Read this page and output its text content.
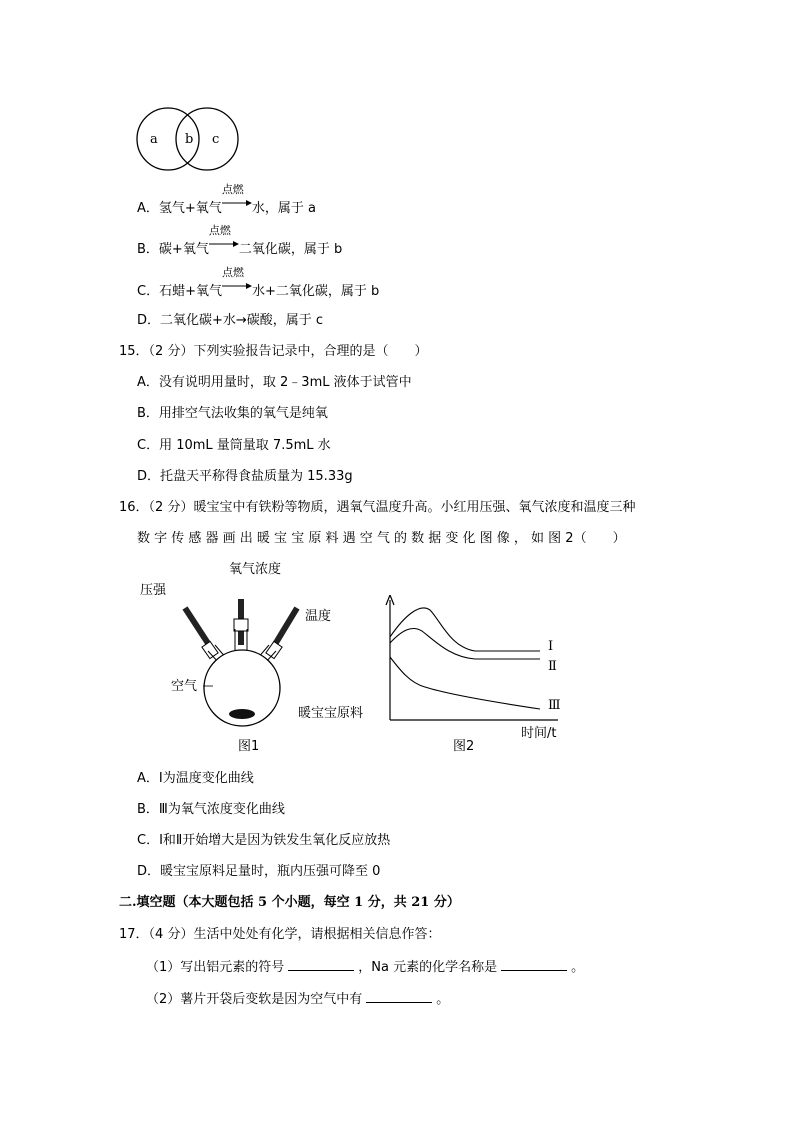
a b c
A．氢气+氧气
点燃
水，属于 a
B．碳+氧气
点燃
二氧化碳，属于 b
C．石蜡+氧气
点燃
水+二氧化碳，属于 b
D．二氧化碳+水→碳酸，属于 c
15．（2 分）下列实验报告记录中，合理的是（　　）
A．没有说明用量时，取 2﹣3mL 液体于试管中
B．用排空气法收集的氧气是纯氧
C．用 10mL 量筒量取 7.5mL 水
D．托盘天平称得食盐质量为 15.33g
16．（2 分）暖宝宝中有铁粉等物质，遇氧气温度升高。小红用压强、氧气浓度和温度三种
数 字 传 感 器 画 出 暖 宝 宝 原 料 遇 空 气 的 数 据 变 化 图 像 ， 如 图 2（　　）
氧气浓度
压强
温度
空气
暖宝宝原料
图1
Ⅰ
Ⅱ
Ⅲ
时间/t
图2
A．Ⅰ为温度变化曲线
B．Ⅲ为氧气浓度变化曲线
C．Ⅰ和Ⅱ开始增大是因为铁发生氧化反应放热
D．暖宝宝原料足量时，瓶内压强可降至 0
二.填空题（本大题包括 5 个小题，每空 1 分，共 21 分）
17．（4 分）生活中处处有化学，请根据相关信息作答：
（1）写出铝元素的符号	，Na 元素的化学名称是	。
（2）薯片开袋后变软是因为空气中有	。
